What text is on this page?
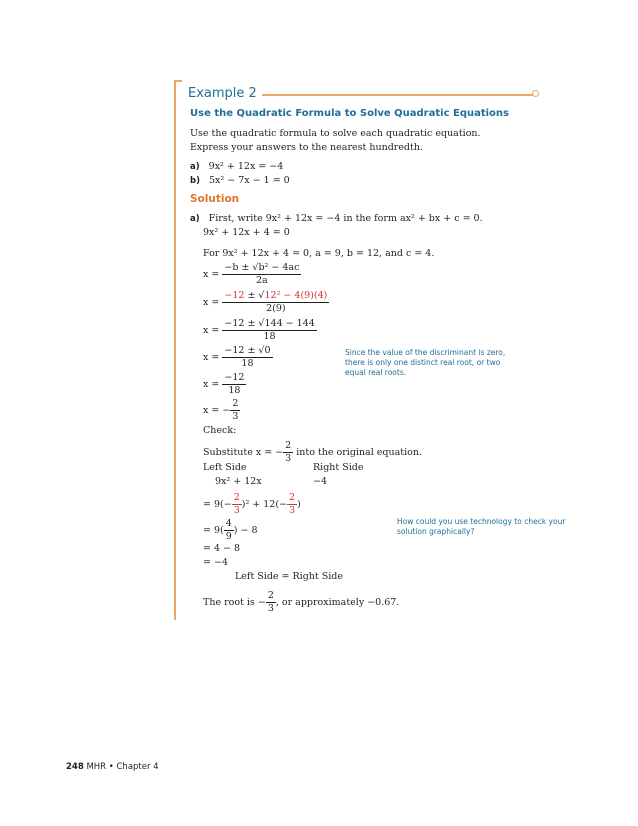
Example 2
Use the Quadratic Formula to Solve Quadratic Equations
Use the quadratic formula to solve each quadratic equation.
Express your answers to the nearest hundredth.
a) 9x² + 12x = −4
b) 5x² − 7x − 1 = 0
Solution
a) First, write 9x² + 12x = −4 in the form ax² + bx + c = 0.
9x² + 12x + 4 = 0
For 9x² + 12x + 4 = 0, a = 9, b = 12, and c = 4.
$x = \frac{\text{−b ± √b² − 4ac}}{2a}$
$x = \frac{\text{−12 ± √12² − 4(9)(4)}}{2(9)}$
$x = \frac{-12 \pm √144 - 144}{18}$
$x = \frac{-12 \pm √0}{18}$	Since the value of the discriminant is zero, there is only one distinct real root, or two equal real roots.
$x = \frac{-12}{18}$
x = − $\frac{2}{3}$
Check:
Substitute x = − $\frac{2}{3}$ into the original equation.
Left Side	Right Side
9x² + 12x	−4
= $9(- \frac{2}{3} )^2 + 12(- \frac{2}{3}$ )
= $9( \frac{4}{9}$ ) − 8
How could you use technology to check your solution graphically?
= 4 − 8
= −4
Left Side = Right Side
The root is − $\frac{2}{3}$ , or approximately −0.67.
248 MHR • Chapter 4
